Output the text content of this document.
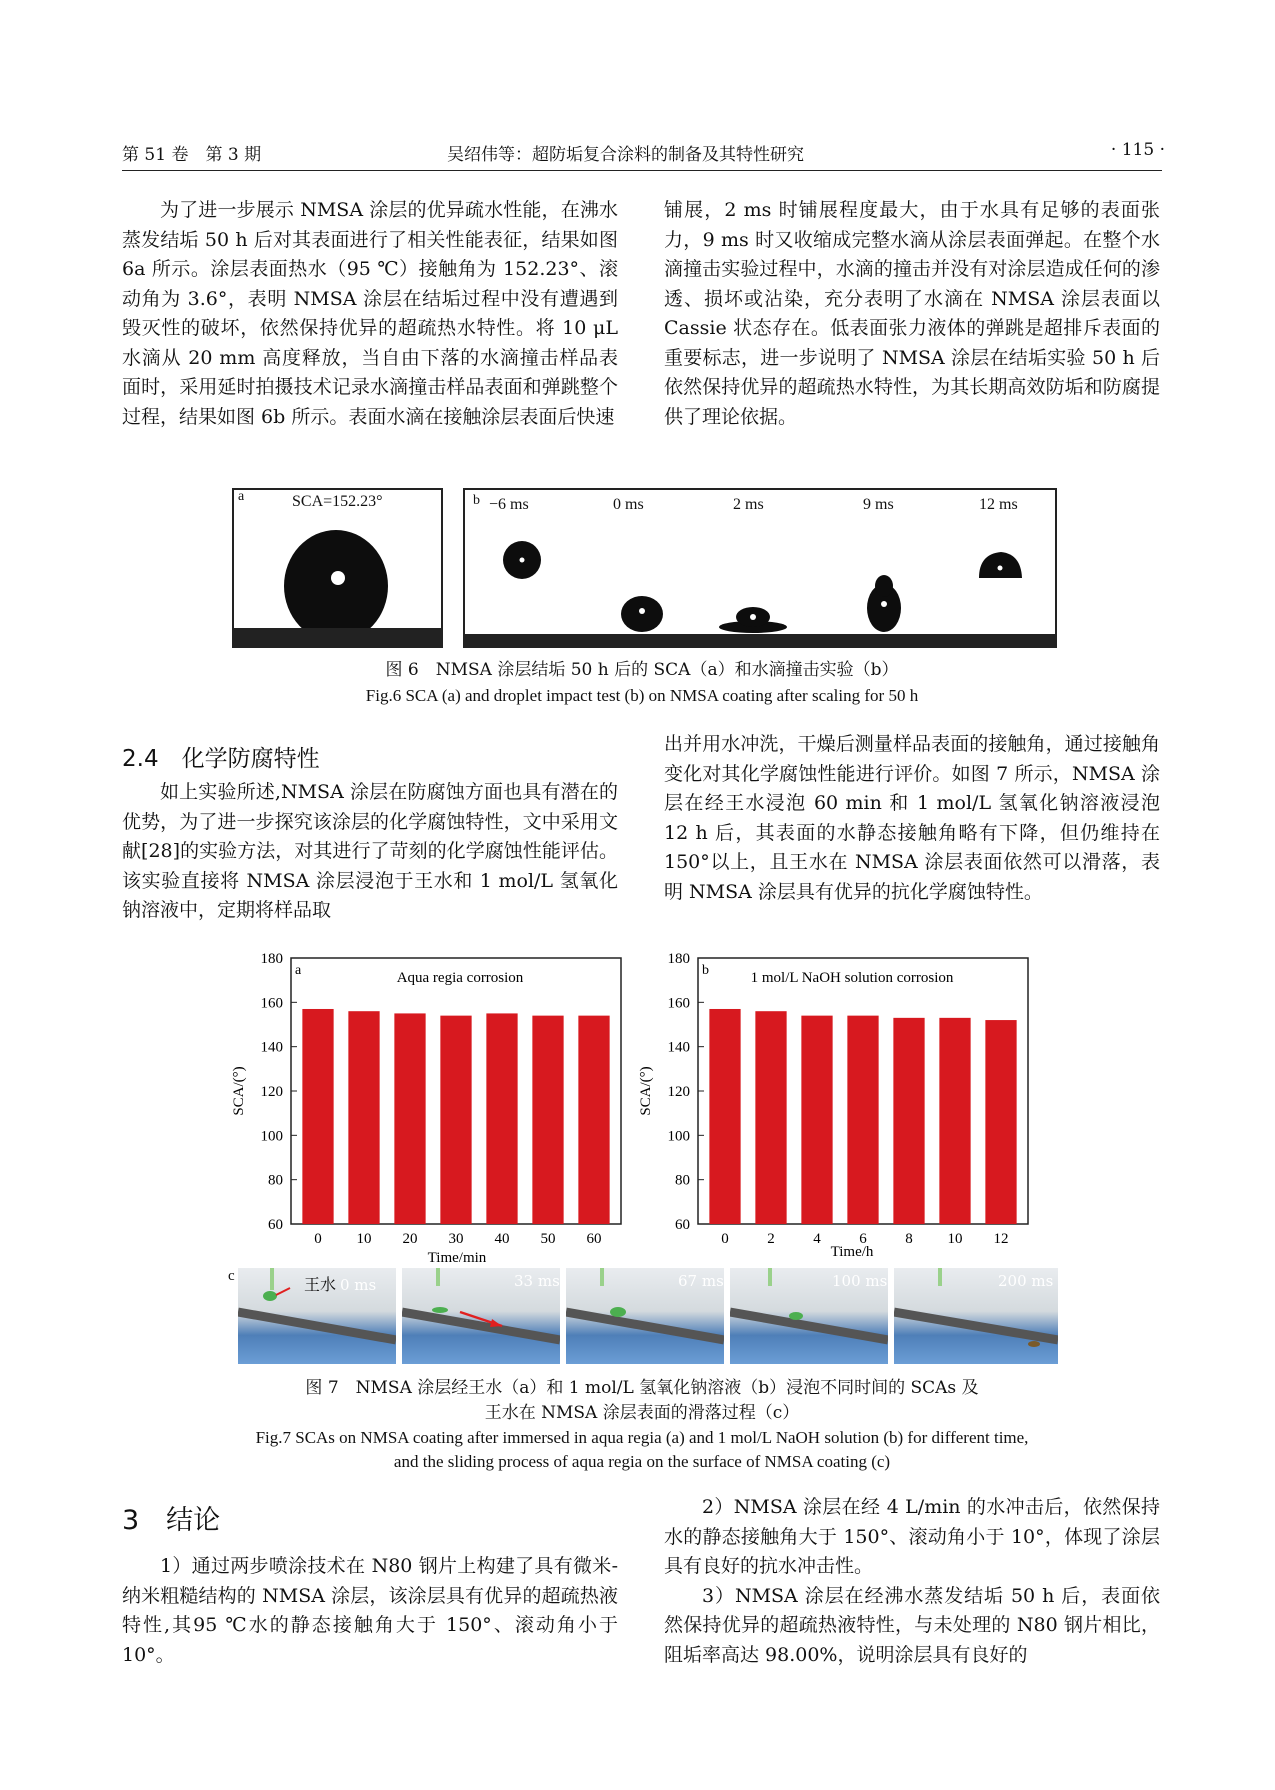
第 51 卷　第 3 期	吴绍伟等：超防垢复合涂料的制备及其特性研究	· 115 ·

为了进一步展示 NMSA 涂层的优异疏水性能，在沸水蒸发结垢 50 h 后对其表面进行了相关性能表征，结果如图 6a 所示。涂层表面热水（95 ℃）接触角为 152.23°、滚动角为 3.6°，表明 NMSA 涂层在结垢过程中没有遭遇到毁灭性的破坏，依然保持优异的超疏热水特性。将 10 μL 水滴从 20 mm 高度释放，当自由下落的水滴撞击样品表面时，采用延时拍摄技术记录水滴撞击样品表面和弹跳整个过程，结果如图 6b 所示。表面水滴在接触涂层表面后快速

铺展，2 ms 时铺展程度最大，由于水具有足够的表面张力，9 ms 时又收缩成完整水滴从涂层表面弹起。在整个水滴撞击实验过程中，水滴的撞击并没有对涂层造成任何的渗透、损坏或沾染，充分表明了水滴在 NMSA 涂层表面以 Cassie 状态存在。低表面张力液体的弹跳是超排斥表面的重要标志，进一步说明了 NMSA 涂层在结垢实验 50 h 后依然保持优异的超疏热水特性，为其长期高效防垢和防腐提供了理论依据。

a	SCA=152.23°	b −6 ms	0 ms	2 ms	9 ms	12 ms
图 6　NMSA 涂层结垢 50 h 后的 SCA（a）和水滴撞击实验（b）
Fig.6 SCA (a) and droplet impact test (b) on NMSA coating after scaling for 50 h
2.4　化学防腐特性

如上实验所述,NMSA 涂层在防腐蚀方面也具有潜在的优势，为了进一步探究该涂层的化学腐蚀特性，文中采用文献[28]的实验方法，对其进行了苛刻的化学腐蚀性能评估。该实验直接将 NMSA 涂层浸泡于王水和 1 mol/L 氢氧化钠溶液中，定期将样品取

出并用水冲洗，干燥后测量样品表面的接触角，通过接触角变化对其化学腐蚀性能进行评价。如图 7 所示，NMSA 涂层在经王水浸泡 60 min 和 1 mol/L 氢氧化钠溶液浸泡 12 h 后，其表面的水静态接触角略有下降，但仍维持在 150°以上，且王水在 NMSA 涂层表面依然可以滑落，表明 NMSA 涂层具有优异的抗化学腐蚀特性。

a	Aqua regia corrosion
60
80
100
120
140
160
180
0 10 20 30 40 50 60
Time/min
SCA/(°)
b	1 mol/L NaOH solution corrosion
60
80
100
120
140
160
180
0	2	4	6	8 10 12
Time/h
SCA/(°)
c	王水 0 ms	33 ms	67 ms	100 ms	200 ms
图 7　NMSA 涂层经王水（a）和 1 mol/L 氢氧化钠溶液（b）浸泡不同时间的 SCAs 及
王水在 NMSA 涂层表面的滑落过程（c）
Fig.7 SCAs on NMSA coating after immersed in aqua regia (a) and 1 mol/L NaOH solution (b) for different time,
and the sliding process of aqua regia on the surface of NMSA coating (c)
3　结论

1）通过两步喷涂技术在 N80 钢片上构建了具有微米-纳米粗糙结构的 NMSA 涂层，该涂层具有优异的超疏热液特性,其95 ℃水的静态接触角大于 150°、滚动角小于 10°。

2）NMSA 涂层在经 4 L/min 的水冲击后，依然保持水的静态接触角大于 150°、滚动角小于 10°，体现了涂层具有良好的抗水冲击性。

3）NMSA 涂层在经沸水蒸发结垢 50 h 后，表面依然保持优异的超疏热液特性，与未处理的 N80 钢片相比，阻垢率高达 98.00%，说明涂层具有良好的
